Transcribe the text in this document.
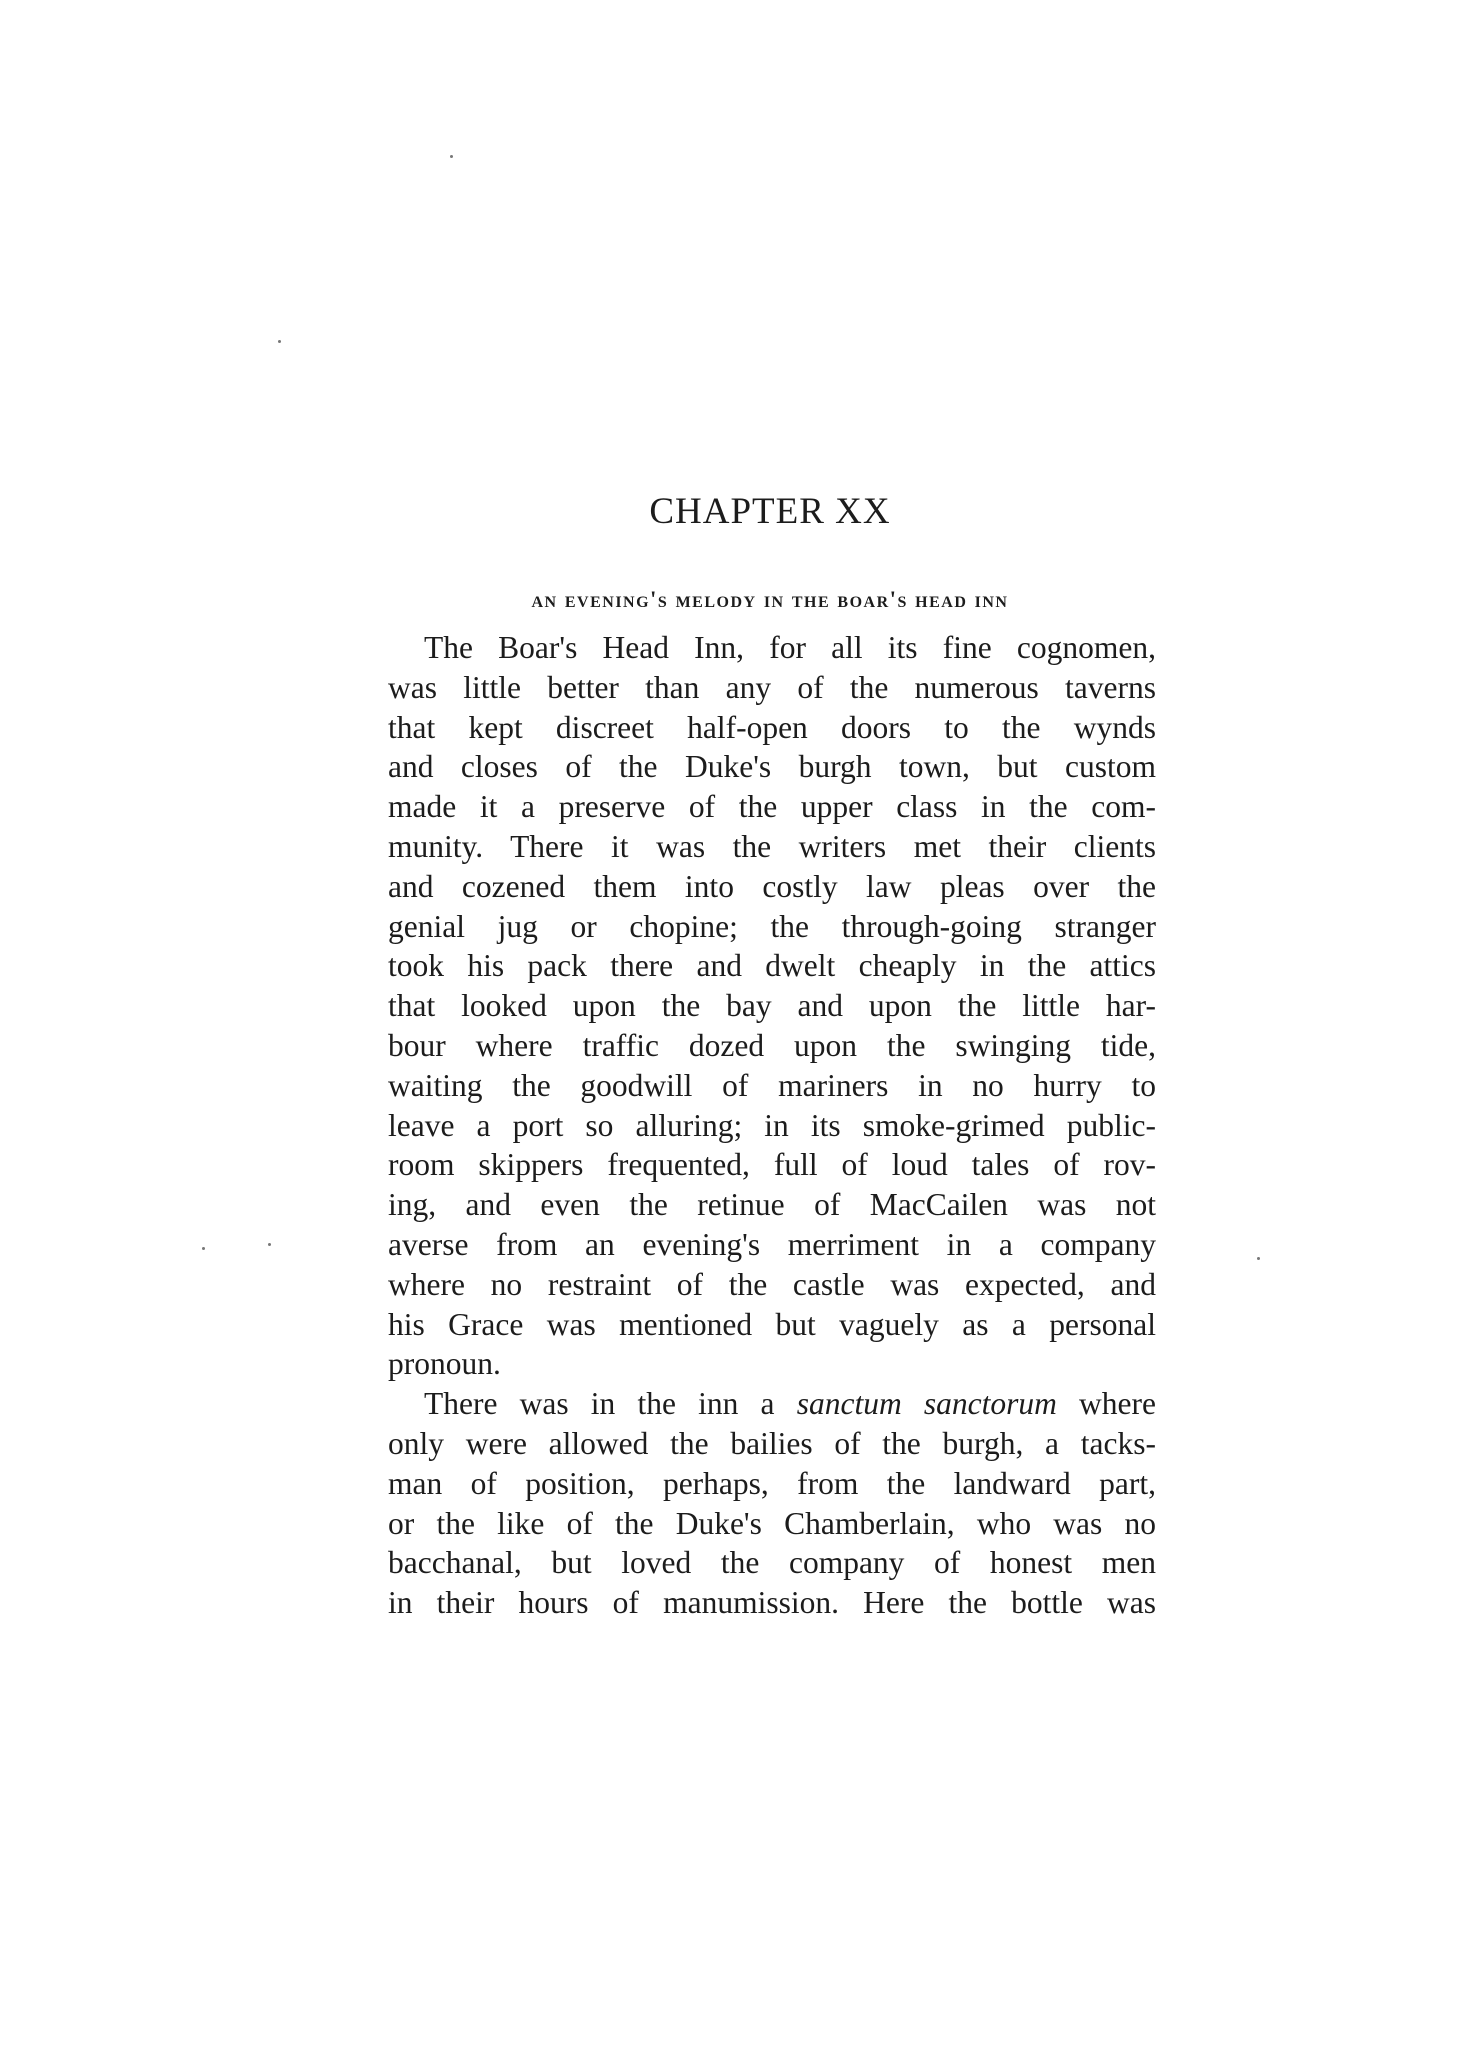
CHAPTER XX
an evening's melody in the boar's head inn
The Boar's Head Inn, for all its fine cognomen,
was little better than any of the numerous taverns
that kept discreet half-open doors to the wynds
and closes of the Duke's burgh town, but custom
made it a preserve of the upper class in the com-
munity. There it was the writers met their clients
and cozened them into costly law pleas over the
genial jug or chopine; the through-going stranger
took his pack there and dwelt cheaply in the attics
that looked upon the bay and upon the little har-
bour where traffic dozed upon the swinging tide,
waiting the goodwill of mariners in no hurry to
leave a port so alluring; in its smoke-grimed public-
room skippers frequented, full of loud tales of rov-
ing, and even the retinue of MacCailen was not
averse from an evening's merriment in a company
where no restraint of the castle was expected, and
his Grace was mentioned but vaguely as a personal
pronoun.
There was in the inn a sanctum sanctorum where
only were allowed the bailies of the burgh, a tacks-
man of position, perhaps, from the landward part,
or the like of the Duke's Chamberlain, who was no
bacchanal, but loved the company of honest men
in their hours of manumission. Here the bottle was
